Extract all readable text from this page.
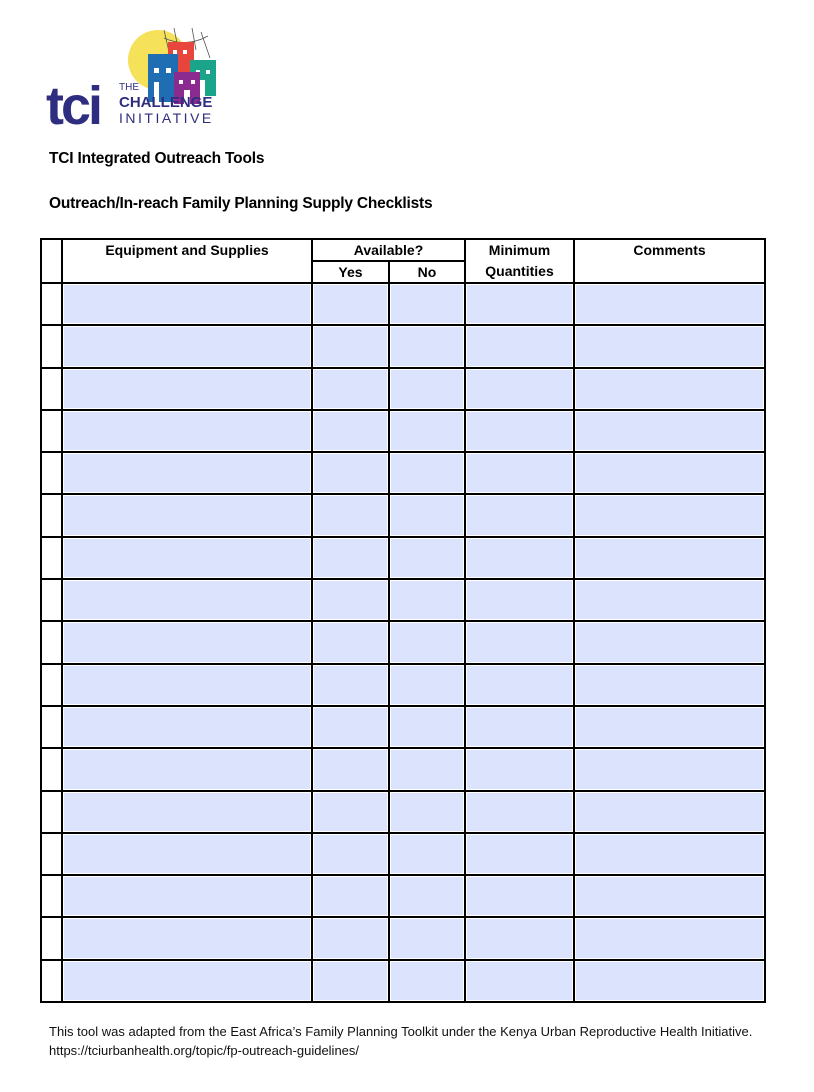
tci THE
CHALLENGE
INITIATIVE
TCI Integrated Outreach Tools
Outreach/In-reach Family Planning Supply Checklists
	Equipment and Supplies	Available?		Minimum Quantities	Comments
		Yes	No		

This tool was adapted from the East Africa’s Family Planning Toolkit under the Kenya Urban Reproductive Health Initiative. https://tciurbanhealth.org/topic/fp-outreach-guidelines/
